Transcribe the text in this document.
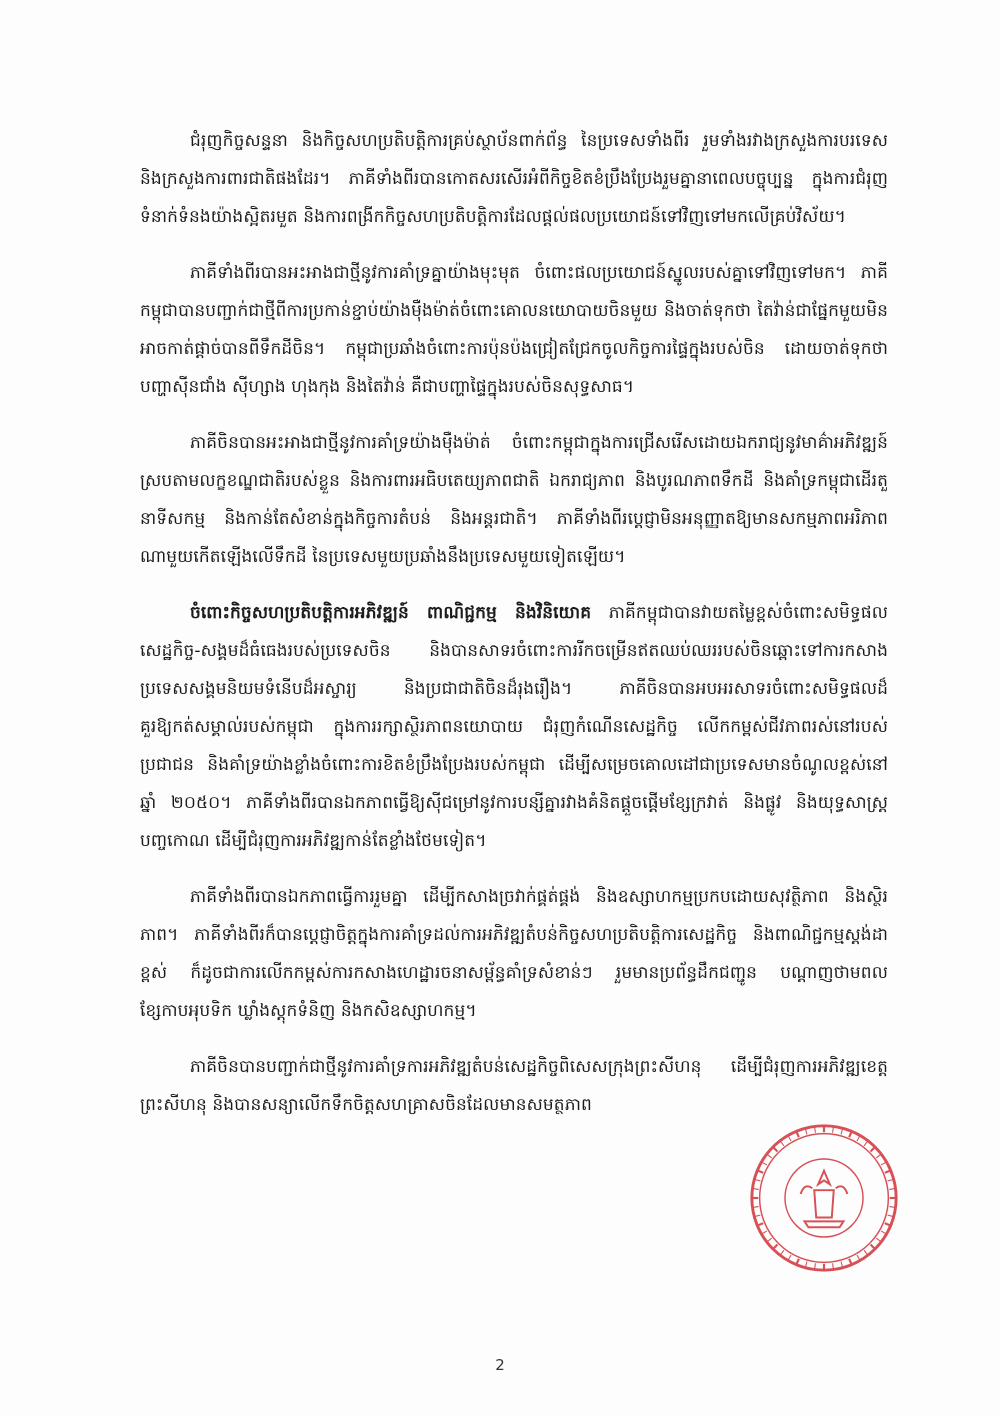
ជំរុញកិច្ចសន្ទនា និងកិច្ចសហប្រតិបត្តិការគ្រប់ស្ថាប័នពាក់ព័ន្ធ នៃប្រទេសទាំងពីរ រួមទាំងរវាងក្រសួងការបរទេស និងក្រសួងការពារជាតិផងដែរ។ ភាគីទាំងពីរបានកោតសរសើរអំពីកិច្ចខិតខំប្រឹងប្រែងរួមគ្នានាពេលបច្ចុប្បន្ន ក្នុងការជំរុញទំនាក់ទំនងយ៉ាងស្អិតរមួត និងការពង្រីកកិច្ចសហប្រតិបត្តិការដែលផ្តល់ផលប្រយោជន៍ទៅវិញទៅមកលើគ្រប់វិស័យ។

ភាគីទាំងពីរបានអះអាងជាថ្មីនូវការគាំទ្រគ្នាយ៉ាងមុះមុត ចំពោះផលប្រយោជន៍ស្នូលរបស់គ្នាទៅវិញទៅមក។ ភាគីកម្ពុជាបានបញ្ជាក់ជាថ្មីពីការប្រកាន់ខ្ជាប់យ៉ាងម៉ឺងម៉ាត់ចំពោះគោលនយោបាយចិនមួយ និងចាត់ទុកថា តៃវ៉ាន់ជាផ្នែកមួយមិនអាចកាត់ផ្តាច់បានពីទឹកដីចិន។ កម្ពុជាប្រឆាំងចំពោះការប៉ុនប៉ងជ្រៀតជ្រែកចូលកិច្ចការផ្ទៃក្នុងរបស់ចិន ដោយចាត់ទុកថា បញ្ហាស៊ីនជាំង ស៊ីហ្សាង ហុងកុង និងតៃវ៉ាន់ គឺជាបញ្ហាផ្ទៃក្នុងរបស់ចិនសុទ្ធសាធ។

ភាគីចិនបានអះអាងជាថ្មីនូវការគាំទ្រយ៉ាងម៉ឺងម៉ាត់ ចំពោះកម្ពុជាក្នុងការជ្រើសរើសដោយឯករាជ្យនូវមាគ៌ាអភិវឌ្ឍន៍ស្របតាមលក្ខខណ្ឌជាតិរបស់ខ្លួន និងការពារអធិបតេយ្យភាពជាតិ ឯករាជ្យភាព និងបូរណភាពទឹកដី និងគាំទ្រកម្ពុជាដើរតួនាទីសកម្ម និងកាន់តែសំខាន់ក្នុងកិច្ចការតំបន់ និងអន្តរជាតិ។ ភាគីទាំងពីរប្តេជ្ញាមិនអនុញ្ញាតឱ្យមានសកម្មភាពអរិភាពណាមួយកើតឡើងលើទឹកដី នៃប្រទេសមួយប្រឆាំងនឹងប្រទេសមួយទៀតឡើយ។

ចំពោះកិច្ចសហប្រតិបត្តិការអភិវឌ្ឍន៍ ពាណិជ្ជកម្ម និងវិនិយោគ ភាគីកម្ពុជាបានវាយតម្លៃខ្ពស់ចំពោះសមិទ្ធផលសេដ្ឋកិច្ច-សង្គមដ៏ធំធេងរបស់ប្រទេសចិន និងបានសាទរចំពោះការរីកចម្រើនឥតឈប់ឈររបស់ចិនឆ្ពោះទៅការកសាងប្រទេសសង្គមនិយមទំនើបដ៏អស្ចារ្យ និងប្រជាជាតិចិនដ៏រុងរឿង។ ភាគីចិនបានអបអរសាទរចំពោះសមិទ្ធផលដ៏គួរឱ្យកត់សម្គាល់របស់កម្ពុជា ក្នុងការរក្សាស្ថិរភាពនយោបាយ ជំរុញកំណើនសេដ្ឋកិច្ច លើកកម្ពស់ជីវភាពរស់នៅរបស់ប្រជាជន និងគាំទ្រយ៉ាងខ្លាំងចំពោះការខិតខំប្រឹងប្រែងរបស់កម្ពុជា ដើម្បីសម្រេចគោលដៅជាប្រទេសមានចំណូលខ្ពស់នៅឆ្នាំ ២០៥០។ ភាគីទាំងពីរបានឯកភាពធ្វើឱ្យស៊ីជម្រៅនូវការបន្សីគ្នារវាងគំនិតផ្តួចផ្តើមខ្សែក្រវាត់ និងផ្លូវ និងយុទ្ធសាស្ត្របញ្ចកោណ ដើម្បីជំរុញការអភិវឌ្ឍកាន់តែខ្លាំងថែមទៀត។

ភាគីទាំងពីរបានឯកភាពធ្វើការរួមគ្នា ដើម្បីកសាងច្រវាក់ផ្គត់ផ្គង់ និងឧស្សាហកម្មប្រកបដោយសុវត្ថិភាព និងស្ថិរភាព។ ភាគីទាំងពីរក៏បានប្តេជ្ញាចិត្តក្នុងការគាំទ្រដល់ការអភិវឌ្ឍតំបន់កិច្ចសហប្រតិបត្តិការសេដ្ឋកិច្ច និងពាណិជ្ជកម្មស្តង់ដាខ្ពស់ ក៏ដូចជាការលើកកម្ពស់ការកសាងហេដ្ឋារចនាសម្ព័ន្ធគាំទ្រសំខាន់ៗ រួមមានប្រព័ន្ធដឹកជញ្ជូន បណ្តាញថាមពល ខ្សែកាបអុបទិក ឃ្លាំងស្តុកទំនិញ និងកសិឧស្សាហកម្ម។

ភាគីចិនបានបញ្ជាក់ជាថ្មីនូវការគាំទ្រការអភិវឌ្ឍតំបន់សេដ្ឋកិច្ចពិសេសក្រុងព្រះសីហនុ ដើម្បីជំរុញការអភិវឌ្ឍខេត្តព្រះសីហនុ និងបានសន្យាលើកទឹកចិត្តសហគ្រាសចិនដែលមានសមត្ថភាព

2
